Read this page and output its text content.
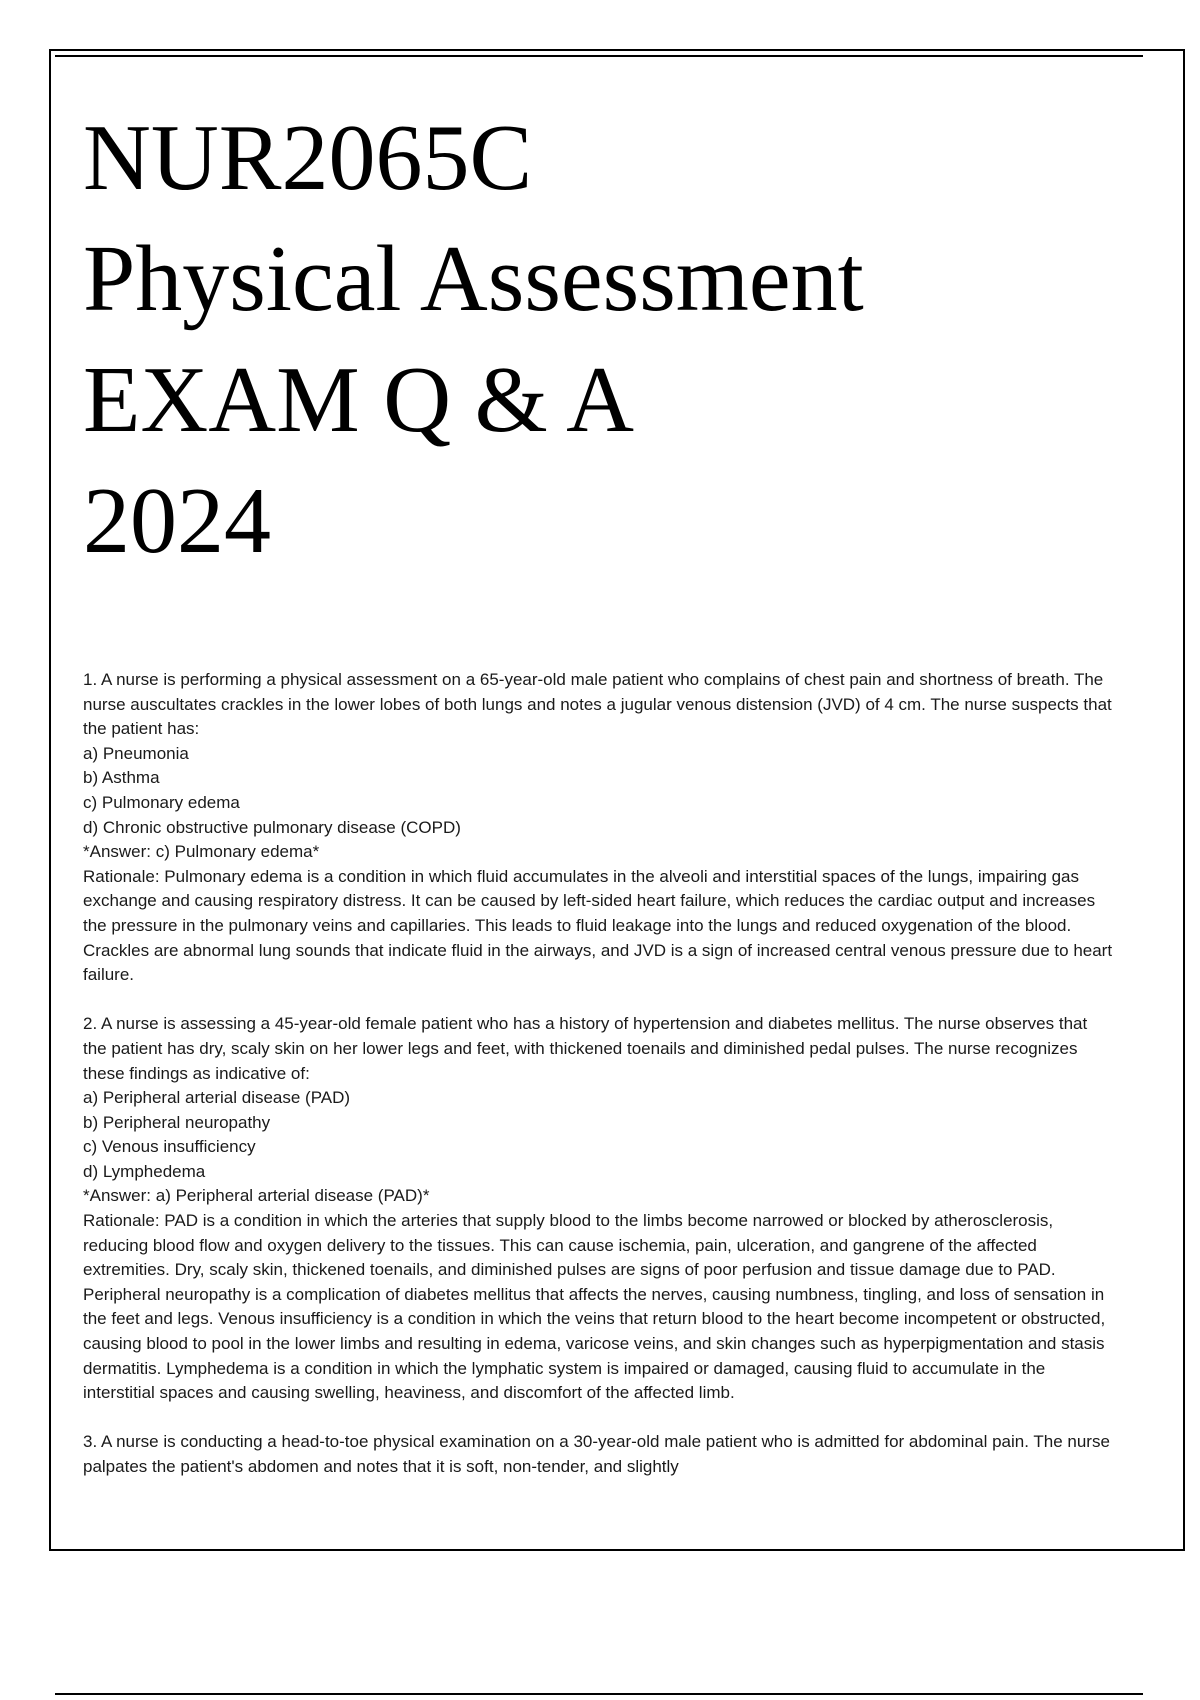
NUR2065C
Physical Assessment
EXAM Q & A
2024

1. A nurse is performing a physical assessment on a 65-year-old male patient who complains of chest pain and shortness of breath. The nurse auscultates crackles in the lower lobes of both lungs and notes a jugular venous distension (JVD) of 4 cm. The nurse suspects that the patient has:

a) Pneumonia
b) Asthma
c) Pulmonary edema
d) Chronic obstructive pulmonary disease (COPD)

*Answer: c) Pulmonary edema*

Rationale: Pulmonary edema is a condition in which fluid accumulates in the alveoli and interstitial spaces of the lungs, impairing gas exchange and causing respiratory distress. It can be caused by left-sided heart failure, which reduces the cardiac output and increases the pressure in the pulmonary veins and capillaries. This leads to fluid leakage into the lungs and reduced oxygenation of the blood. Crackles are abnormal lung sounds that indicate fluid in the airways, and JVD is a sign of increased central venous pressure due to heart failure.

2. A nurse is assessing a 45-year-old female patient who has a history of hypertension and diabetes mellitus. The nurse observes that the patient has dry, scaly skin on her lower legs and feet, with thickened toenails and diminished pedal pulses. The nurse recognizes these findings as indicative of:

a) Peripheral arterial disease (PAD)
b) Peripheral neuropathy
c) Venous insufficiency
d) Lymphedema

*Answer: a) Peripheral arterial disease (PAD)*

Rationale: PAD is a condition in which the arteries that supply blood to the limbs become narrowed or blocked by atherosclerosis, reducing blood flow and oxygen delivery to the tissues. This can cause ischemia, pain, ulceration, and gangrene of the affected extremities. Dry, scaly skin, thickened toenails, and diminished pulses are signs of poor perfusion and tissue damage due to PAD. Peripheral neuropathy is a complication of diabetes mellitus that affects the nerves, causing numbness, tingling, and loss of sensation in the feet and legs. Venous insufficiency is a condition in which the veins that return blood to the heart become incompetent or obstructed, causing blood to pool in the lower limbs and resulting in edema, varicose veins, and skin changes such as hyperpigmentation and stasis dermatitis. Lymphedema is a condition in which the lymphatic system is impaired or damaged, causing fluid to accumulate in the interstitial spaces and causing swelling, heaviness, and discomfort of the affected limb.

3. A nurse is conducting a head-to-toe physical examination on a 30-year-old male patient who is admitted for abdominal pain. The nurse palpates the patient's abdomen and notes that it is soft, non-tender, and slightly
